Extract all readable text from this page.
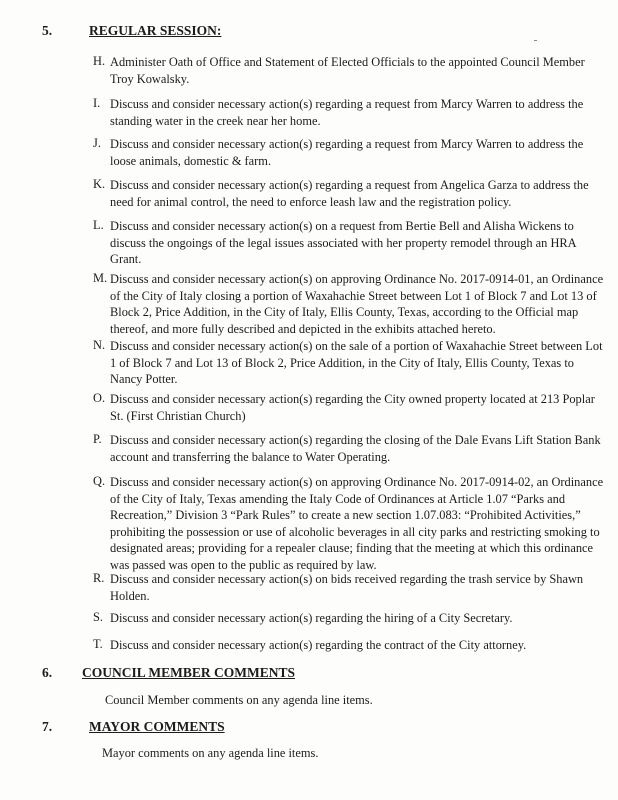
5.	REGULAR SESSION:
H. Administer Oath of Office and Statement of Elected Officials to the appointed Council Member Troy Kowalsky.
I. Discuss and consider necessary action(s) regarding a request from Marcy Warren to address the standing water in the creek near her home.
J. Discuss and consider necessary action(s) regarding a request from Marcy Warren to address the loose animals, domestic & farm.
K. Discuss and consider necessary action(s) regarding a request from Angelica Garza to address the need for animal control, the need to enforce leash law and the registration policy.
L. Discuss and consider necessary action(s) on a request from Bertie Bell and Alisha Wickens to discuss the ongoings of the legal issues associated with her property remodel through an HRA Grant.
M. Discuss and consider necessary action(s) on approving Ordinance No. 2017-0914-01, an Ordinance of the City of Italy closing a portion of Waxahachie Street between Lot 1 of Block 7 and Lot 13 of Block 2, Price Addition, in the City of Italy, Ellis County, Texas, according to the Official map thereof, and more fully described and depicted in the exhibits attached hereto.
N. Discuss and consider necessary action(s) on the sale of a portion of Waxahachie Street between Lot 1 of Block 7 and Lot 13 of Block 2, Price Addition, in the City of Italy, Ellis County, Texas to Nancy Potter.
O. Discuss and consider necessary action(s) regarding the City owned property located at 213 Poplar St. (First Christian Church)
P. Discuss and consider necessary action(s) regarding the closing of the Dale Evans Lift Station Bank account and transferring the balance to Water Operating.
Q. Discuss and consider necessary action(s) on approving Ordinance No. 2017-0914-02, an Ordinance of the City of Italy, Texas amending the Italy Code of Ordinances at Article 1.07 “Parks and Recreation,” Division 3 “Park Rules” to create a new section 1.07.083: “Prohibited Activities,” prohibiting the possession or use of alcoholic beverages in all city parks and restricting smoking to designated areas; providing for a repealer clause; finding that the meeting at which this ordinance was passed was open to the public as required by law.
R. Discuss and consider necessary action(s) on bids received regarding the trash service by Shawn Holden.
S. Discuss and consider necessary action(s) regarding the hiring of a City Secretary.
T. Discuss and consider necessary action(s) regarding the contract of the City attorney.
6. COUNCIL MEMBER COMMENTS
Council Member comments on any agenda line items.
7.	MAYOR COMMENTS
Mayor comments on any agenda line items.
